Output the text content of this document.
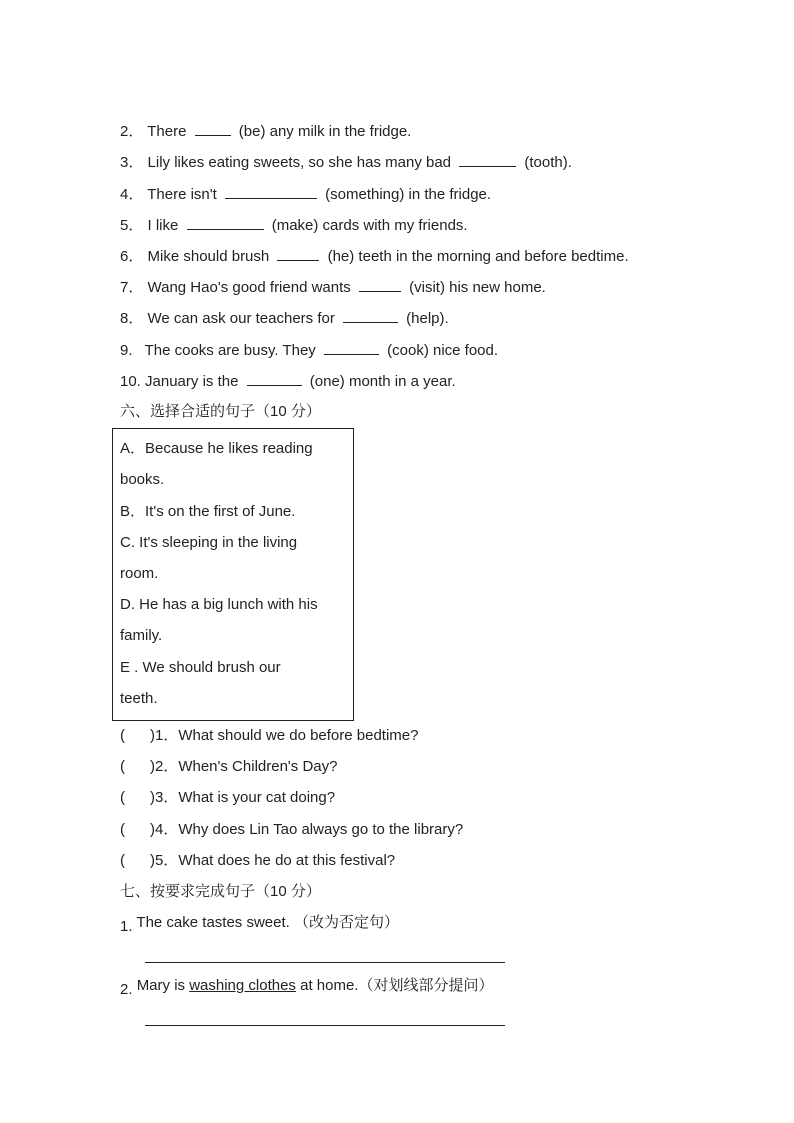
2． There	(be) any milk in the fridge.
3． Lily likes eating sweets, so she has many bad	(tooth).
4． There isn't	(something) in the fridge.
5． I like	(make) cards with my friends.
6． Mike should brush	(he) teeth in the morning and before bedtime.
7． Wang Hao's good friend wants	(visit) his new home.
8． We can ask our teachers for	(help).
9. The cooks are busy. They	(cook) nice food.
10. January is the	(one) month in a year.
六、选择合适的句子（10 分）
A．Because he likes reading
books.
B．It's on the first of June.
C. It's sleeping in the living
room.
D. He has a big lunch with his
family.
E . We should brush our
teeth.
(      )1．What should we do before bedtime?
(      )2．When's Children's Day?
(      )3．What is your cat doing?
(      )4．Why does Lin Tao always go to the library?
(      )5．What does he do at this festival?
七、按要求完成句子（10 分）
1. The cake tastes sweet. （改为否定句）
2. Mary is washing clothes at home.（对划线部分提问）
